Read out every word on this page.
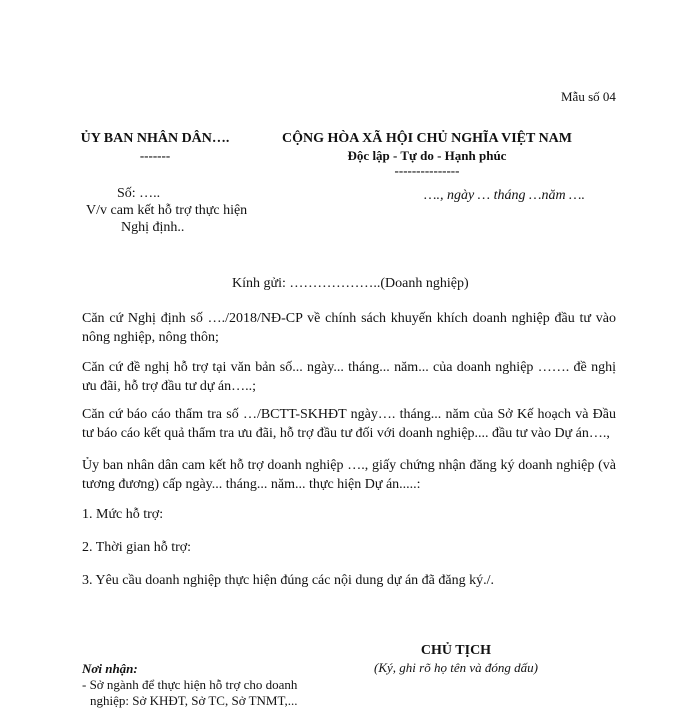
Mẫu số 04
ỦY BAN NHÂN DÂN….
-------
CỘNG HÒA XÃ HỘI CHỦ NGHĨA VIỆT NAM
Độc lập - Tự do - Hạnh phúc
---------------
Số: …..
V/v cam kết hỗ trợ thực hiện
Nghị định..
…., ngày … tháng …năm ….
Kính gửi: ………………..(Doanh nghiệp)
Căn cứ Nghị định số …./2018/NĐ-CP về chính sách khuyến khích doanh nghiệp đầu tư vào nông nghiệp, nông thôn;
Căn cứ đề nghị hỗ trợ tại văn bản số... ngày... tháng... năm... của doanh nghiệp ……. đề nghị ưu đãi, hỗ trợ đầu tư dự án…..;
Căn cứ báo cáo thẩm tra số …/BCTT-SKHĐT ngày…. tháng... năm của Sở Kế hoạch và Đầu tư báo cáo kết quả thẩm tra ưu đãi, hỗ trợ đầu tư đối với doanh nghiệp.... đầu tư vào Dự án….,
Ủy ban nhân dân cam kết hỗ trợ doanh nghiệp …., giấy chứng nhận đăng ký doanh nghiệp (và tương đương) cấp ngày... tháng... năm... thực hiện Dự án.....:
1. Mức hỗ trợ:
2. Thời gian hỗ trợ:
3. Yêu cầu doanh nghiệp thực hiện đúng các nội dung dự án đã đăng ký./.
CHỦ TỊCH
(Ký, ghi rõ họ tên và đóng dấu)
Nơi nhận:
- Sở ngành để thực hiện hỗ trợ cho doanh
nghiệp: Sở KHĐT, Sở TC, Sở TNMT,...
